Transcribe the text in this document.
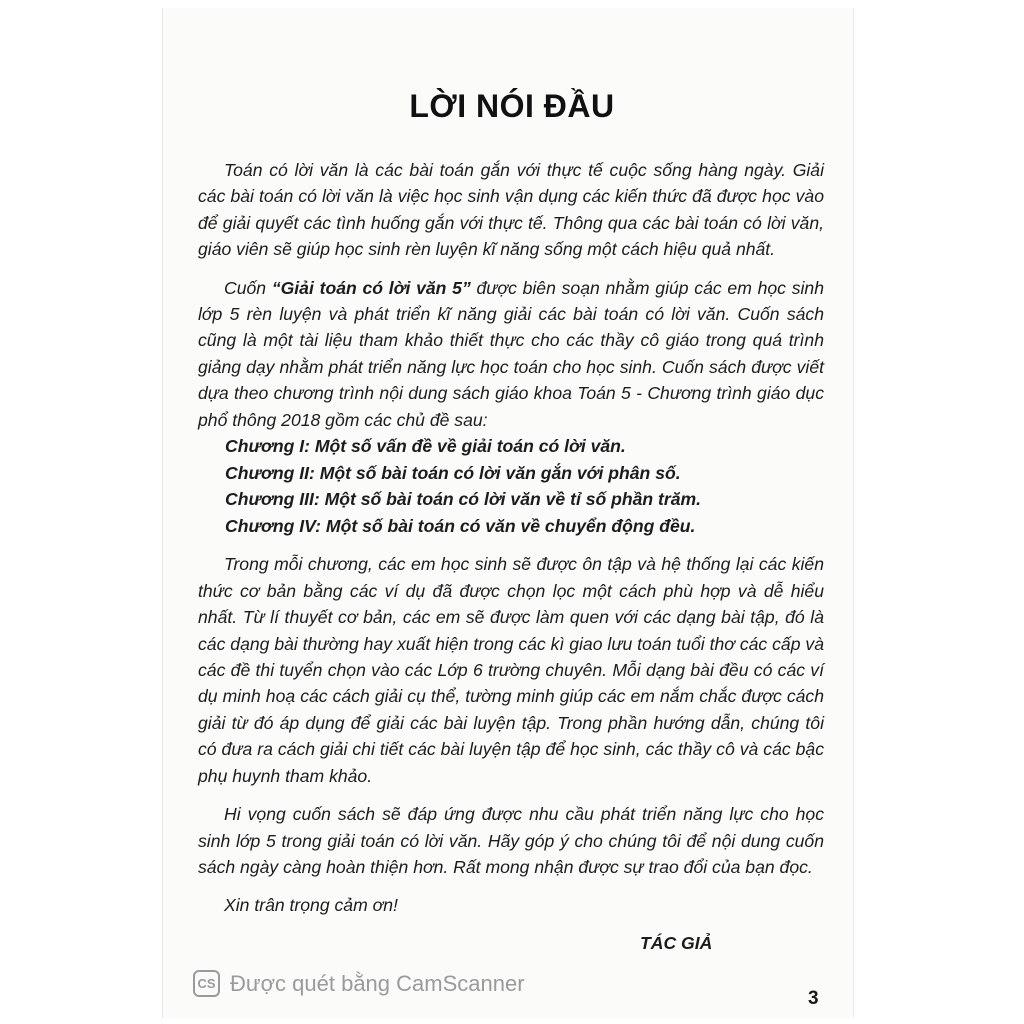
LỜI NÓI ĐẦU

Toán có lời văn là các bài toán gắn với thực tế cuộc sống hàng ngày. Giải các bài toán có lời văn là việc học sinh vận dụng các kiến thức đã được học vào để giải quyết các tình huống gắn với thực tế. Thông qua các bài toán có lời văn, giáo viên sẽ giúp học sinh rèn luyện kĩ năng sống một cách hiệu quả nhất.

Cuốn “Giải toán có lời văn 5” được biên soạn nhằm giúp các em học sinh lớp 5 rèn luyện và phát triển kĩ năng giải các bài toán có lời văn. Cuốn sách cũng là một tài liệu tham khảo thiết thực cho các thầy cô giáo trong quá trình giảng dạy nhằm phát triển năng lực học toán cho học sinh. Cuốn sách được viết dựa theo chương trình nội dung sách giáo khoa Toán 5 - Chương trình giáo dục phổ thông 2018 gồm các chủ đề sau:

Chương I: Một số vấn đề về giải toán có lời văn.
Chương II: Một số bài toán có lời văn gắn với phân số.
Chương III: Một số bài toán có lời văn về tỉ số phần trăm.
Chương IV: Một số bài toán có văn về chuyển động đều.

Trong mỗi chương, các em học sinh sẽ được ôn tập và hệ thống lại các kiến thức cơ bản bằng các ví dụ đã được chọn lọc một cách phù hợp và dễ hiểu nhất. Từ lí thuyết cơ bản, các em sẽ được làm quen với các dạng bài tập, đó là các dạng bài thường hay xuất hiện trong các kì giao lưu toán tuổi thơ các cấp và các đề thi tuyển chọn vào các Lớp 6 trường chuyên. Mỗi dạng bài đều có các ví dụ minh hoạ các cách giải cụ thể, tường minh giúp các em nắm chắc được cách giải từ đó áp dụng để giải các bài luyện tập. Trong phần hướng dẫn, chúng tôi có đưa ra cách giải chi tiết các bài luyện tập để học sinh, các thầy cô và các bậc phụ huynh tham khảo.

Hi vọng cuốn sách sẽ đáp ứng được nhu cầu phát triển năng lực cho học sinh lớp 5 trong giải toán có lời văn. Hãy góp ý cho chúng tôi để nội dung cuốn sách ngày càng hoàn thiện hơn. Rất mong nhận được sự trao đổi của bạn đọc.

Xin trân trọng cảm ơn!

TÁC GIẢ
CS Được quét bằng CamScanner
3
